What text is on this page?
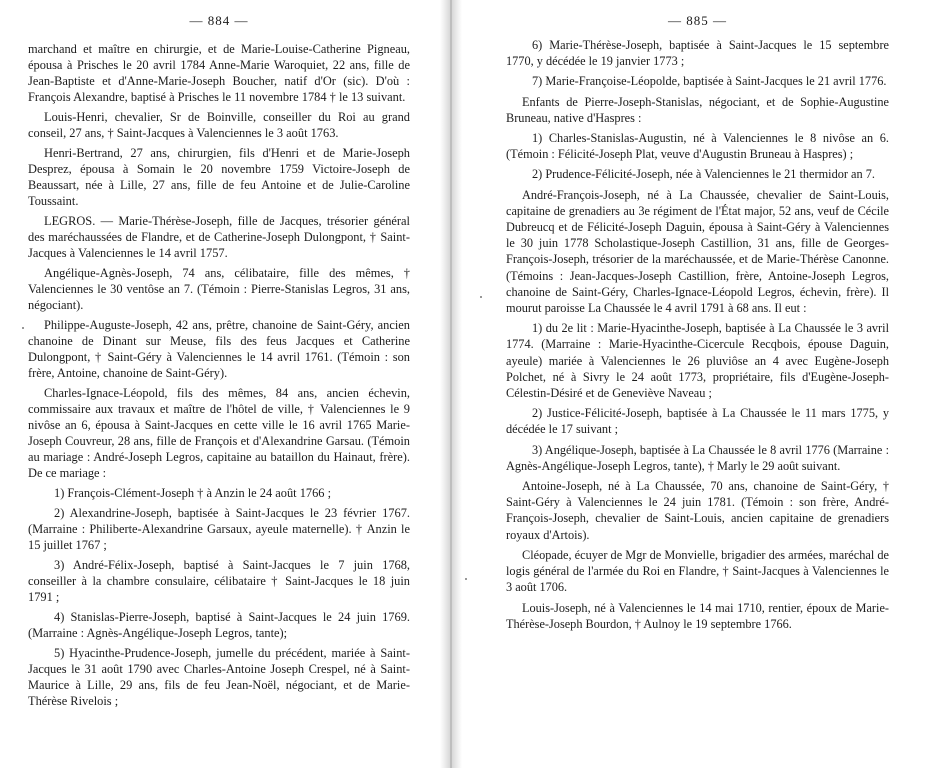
— 884 —

marchand et maître en chirurgie, et de Marie-Louise-Catherine Pigneau, épousa à Prisches le 20 avril 1784 Anne-Marie Waroquiet, 22 ans, fille de Jean-Baptiste et d'Anne-Marie-Joseph Boucher, natif d'Or (sic). D'où : François Alexandre, baptisé à Prisches le 11 novembre 1784 † le 13 suivant.

Louis-Henri, chevalier, Sr de Boinville, conseiller du Roi au grand conseil, 27 ans, † Saint-Jacques à Valenciennes le 3 août 1763.

Henri-Bertrand, 27 ans, chirurgien, fils d'Henri et de Marie-Joseph Desprez, épousa à Somain le 20 novembre 1759 Victoire-Joseph de Beaussart, née à Lille, 27 ans, fille de feu Antoine et de Julie-Caroline Toussaint.

LEGROS. — Marie-Thérèse-Joseph, fille de Jacques, trésorier général des maréchaussées de Flandre, et de Catherine-Joseph Dulongpont, † Saint-Jacques à Valenciennes le 14 avril 1757.

Angélique-Agnès-Joseph, 74 ans, célibataire, fille des mêmes, † Valenciennes le 30 ventôse an 7. (Témoin : Pierre-Stanislas Legros, 31 ans, négociant).

Philippe-Auguste-Joseph, 42 ans, prêtre, chanoine de Saint-Géry, ancien chanoine de Dinant sur Meuse, fils des feus Jacques et Catherine Dulongpont, † Saint-Géry à Valenciennes le 14 avril 1761. (Témoin : son frère, Antoine, chanoine de Saint-Géry).

Charles-Ignace-Léopold, fils des mêmes, 84 ans, ancien échevin, commissaire aux travaux et maître de l'hôtel de ville, † Valenciennes le 9 nivôse an 6, épousa à Saint-Jacques en cette ville le 16 avril 1765 Marie-Joseph Couvreur, 28 ans, fille de François et d'Alexandrine Garsau. (Témoin au mariage : André-Joseph Legros, capitaine au bataillon du Hainaut, frère). De ce mariage :

1) François-Clément-Joseph † à Anzin le 24 août 1766 ;

2) Alexandrine-Joseph, baptisée à Saint-Jacques le 23 février 1767. (Marraine : Philiberte-Alexandrine Garsaux, ayeule maternelle). † Anzin le 15 juillet 1767 ;

3) André-Félix-Joseph, baptisé à Saint-Jacques le 7 juin 1768, conseiller à la chambre consulaire, célibataire † Saint-Jacques le 18 juin 1791 ;

4) Stanislas-Pierre-Joseph, baptisé à Saint-Jacques le 24 juin 1769. (Marraine : Agnès-Angélique-Joseph Legros, tante);

5) Hyacinthe-Prudence-Joseph, jumelle du précédent, mariée à Saint-Jacques le 31 août 1790 avec Charles-Antoine Joseph Crespel, né à Saint-Maurice à Lille, 29 ans, fils de feu Jean-Noël, négociant, et de Marie-Thérèse Rivelois ;

— 885 —

6) Marie-Thérèse-Joseph, baptisée à Saint-Jacques le 15 septembre 1770, y décédée le 19 janvier 1773 ;

7) Marie-Françoise-Léopolde, baptisée à Saint-Jacques le 21 avril 1776.

Enfants de Pierre-Joseph-Stanislas, négociant, et de Sophie-Augustine Bruneau, native d'Haspres :

1) Charles-Stanislas-Augustin, né à Valenciennes le 8 nivôse an 6. (Témoin : Félicité-Joseph Plat, veuve d'Augustin Bruneau à Haspres) ;

2) Prudence-Félicité-Joseph, née à Valenciennes le 21 thermidor an 7.

André-François-Joseph, né à La Chaussée, chevalier de Saint-Louis, capitaine de grenadiers au 3e régiment de l'État major, 52 ans, veuf de Cécile Dubreucq et de Félicité-Joseph Daguin, épousa à Saint-Géry à Valenciennes le 30 juin 1778 Scholastique-Joseph Castillion, 31 ans, fille de Georges-François-Joseph, trésorier de la maréchaussée, et de Marie-Thérèse Canonne. (Témoins : Jean-Jacques-Joseph Castillion, frère, Antoine-Joseph Legros, chanoine de Saint-Géry, Charles-Ignace-Léopold Legros, échevin, frère). Il mourut paroisse La Chaussée le 4 avril 1791 à 68 ans. Il eut :

1) du 2e lit : Marie-Hyacinthe-Joseph, baptisée à La Chaussée le 3 avril 1774. (Marraine : Marie-Hyacinthe-Cicercule Recqbois, épouse Daguin, ayeule) mariée à Valenciennes le 26 pluviôse an 4 avec Eugène-Joseph Polchet, né à Sivry le 24 août 1773, propriétaire, fils d'Eugène-Joseph-Célestin-Désiré et de Geneviève Naveau ;

2) Justice-Félicité-Joseph, baptisée à La Chaussée le 11 mars 1775, y décédée le 17 suivant ;

3) Angélique-Joseph, baptisée à La Chaussée le 8 avril 1776 (Marraine : Agnès-Angélique-Joseph Legros, tante), † Marly le 29 août suivant.

Antoine-Joseph, né à La Chaussée, 70 ans, chanoine de Saint-Géry, † Saint-Géry à Valenciennes le 24 juin 1781. (Témoin : son frère, André-François-Joseph, chevalier de Saint-Louis, ancien capitaine de grenadiers royaux d'Artois).

Cléopade, écuyer de Mgr de Monvielle, brigadier des armées, maréchal de logis général de l'armée du Roi en Flandre, † Saint-Jacques à Valenciennes le 3 août 1706.

Louis-Joseph, né à Valenciennes le 14 mai 1710, rentier, époux de Marie-Thérèse-Joseph Bourdon, † Aulnoy le 19 septembre 1766.
